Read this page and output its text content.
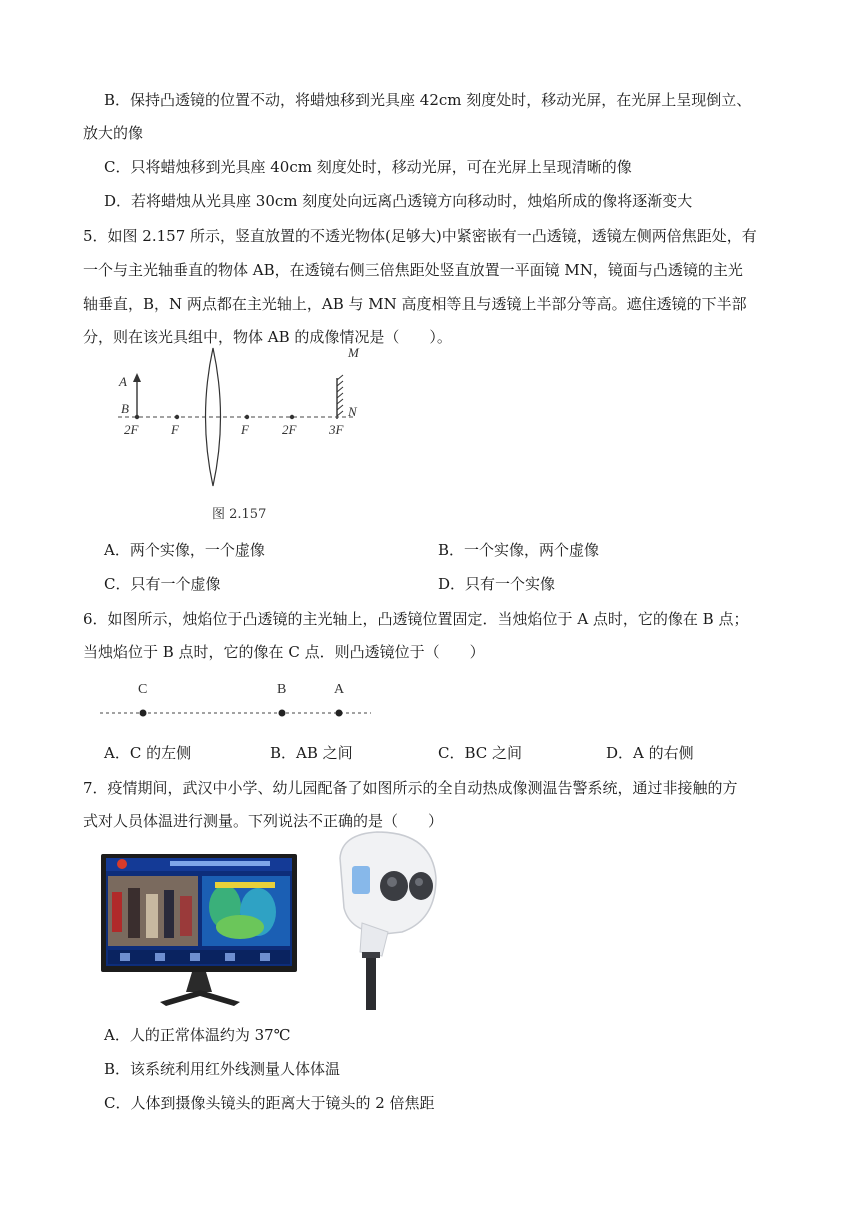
B．保持凸透镜的位置不动，将蜡烛移到光具座 42cm 刻度处时，移动光屏，在光屏上呈现倒立、
放大的像
C．只将蜡烛移到光具座 40cm 刻度处时，移动光屏，可在光屏上呈现清晰的像
D．若将蜡烛从光具座 30cm 刻度处向远离凸透镜方向移动时，烛焰所成的像将逐渐变大
5．如图 2.157 所示，竖直放置的不透光物体(足够大)中紧密嵌有一凸透镜，透镜左侧两倍焦距处，有
一个与主光轴垂直的物体 AB，在透镜右侧三倍焦距处竖直放置一平面镜 MN，镜面与凸透镜的主光
轴垂直，B，N 两点都在主光轴上，AB 与 MN 高度相等且与透镜上半部分等高。遮住透镜的下半部
分，则在该光具组中，物体 AB 的成像情况是（　　）。
A
B
M
N
2F	F	F	2F	3F
图 2.157
A．两个实像，一个虚像	B．一个实像，两个虚像
C．只有一个虚像	D．只有一个实像
6．如图所示，烛焰位于凸透镜的主光轴上，凸透镜位置固定．当烛焰位于 A 点时，它的像在 B 点；
当烛焰位于 B 点时，它的像在 C 点．则凸透镜位于（　　）
C	B	A
A．C 的左侧	B．AB 之间	C．BC 之间	D．A 的右侧
7．疫情期间，武汉中小学、幼儿园配备了如图所示的全自动热成像测温告警系统，通过非接触的方
式对人员体温进行测量。下列说法不正确的是（　　）
A．人的正常体温约为 37℃
B．该系统利用红外线测量人体体温
C．人体到摄像头镜头的距离大于镜头的 2 倍焦距
